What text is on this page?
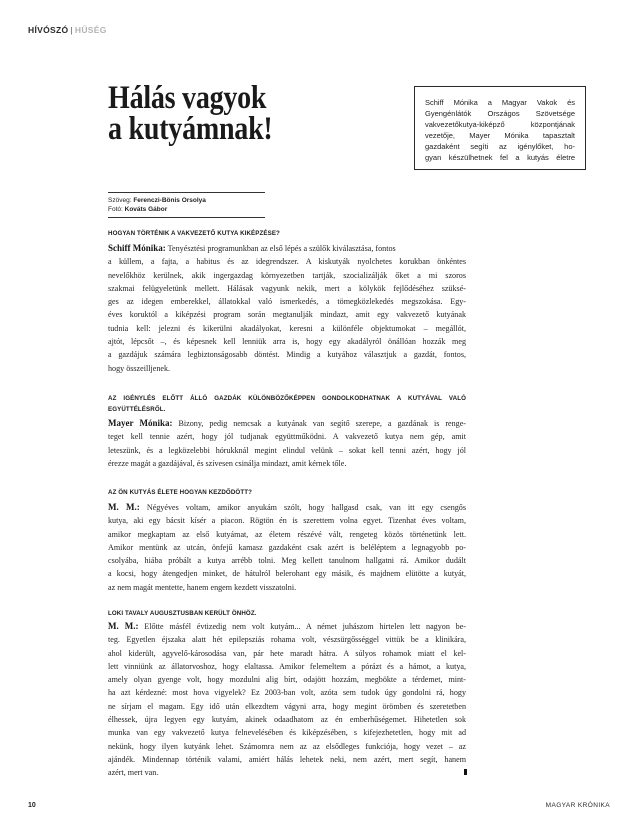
HÍVÓSZÓ | HŰSÉG
Hálás vagyok
a kutyámnak!
Schiff Mónika a Magyar Vakok és
Gyengénlátók Országos Szövetsége
vakvezetőkutya-kiképző központjának
vezetője, Mayer Mónika tapasztalt
gazdaként segíti az igénylőket, ho-
gyan készülhetnek fel a kutyás életre
Szöveg: Ferenczi-Bönis Orsolya
Fotó: Kováts Gábor
HOGYAN TÖRTÉNIK A VAKVEZETŐ KUTYA KIKÉPZÉSE?
Schiff Mónika: Tenyésztési programunkban az első lépés a szülők kiválasztása, fontos
a küllem, a fajta, a habitus és az idegrendszer. A kiskutyák nyolchetes korukban önkéntes
nevelőkhöz kerülnek, akik ingergazdag környezetben tartják, szocializálják őket a mi szoros
szakmai felügyeletünk mellett. Hálásak vagyunk nekik, mert a kölykök fejlődéséhez szüksé-
ges az idegen emberekkel, állatokkal való ismerkedés, a tömegközlekedés megszokása. Egy-
éves koruktól a kiképzési program során megtanulják mindazt, amit egy vakvezető kutyának
tudnia kell: jelezni és kikerülni akadályokat, keresni a különféle objektumokat – megállót,
ajtót, lépcsőt –, és képesnek kell lenniük arra is, hogy egy akadályról önállóan hozzák meg
a gazdájuk számára legbiztonságosabb döntést. Mindig a kutyához választjuk a gazdát, fontos,
hogy összeilljenek.
AZ IGÉNYLÉS ELŐTT ÁLLÓ GAZDÁK KÜLÖNBÖZŐKÉPPEN GONDOLKODHATNAK A KUTYÁVAL VALÓ
EGYÜTTÉLÉSRŐL.
Mayer Mónika: Bizony, pedig nemcsak a kutyának van segítő szerepe, a gazdának is renge-
teget kell tennie azért, hogy jól tudjanak együttműködni. A vakvezető kutya nem gép, amit
leteszünk, és a legközelebbi hórukknál megint elindul velünk – sokat kell tenni azért, hogy jól
érezze magát a gazdájával, és szívesen csinálja mindazt, amit kérnek tőle.
AZ ÖN KUTYÁS ÉLETE HOGYAN KEZDŐDÖTT?
M. M.: Négyéves voltam, amikor anyukám szólt, hogy hallgasd csak, van itt egy csengős
kutya, aki egy bácsit kísér a piacon. Rögtön én is szerettem volna egyet. Tizenhat éves voltam,
amikor megkaptam az első kutyámat, az életem részévé vált, rengeteg közös történetünk lett.
Amikor mentünk az utcán, önfejű kamasz gazdaként csak azért is beléléptem a legnagyobb po-
csolyába, hiába próbált a kutya arrébb tolni. Meg kellett tanulnom hallgatni rá. Amikor dudált
a kocsi, hogy átengedjen minket, de hátulról belerohant egy másik, és majdnem elütötte a kutyát,
az nem magát mentette, hanem engem kezdett visszatolni.
LOKI TAVALY AUGUSZTUSBAN KERÜLT ÖNHÖZ.
M. M.: Előtte másfél évtizedig nem volt kutyám... A német juhászom hirtelen lett nagyon be-
teg. Egyetlen éjszaka alatt hét epilepsziás rohama volt, vészsürgősséggel vittük be a klinikára,
ahol kiderült, agyvelő-károsodása van, pár hete maradt hátra. A súlyos rohamok miatt el kel-
lett vinniünk az állatorvoshoz, hogy elaltassa. Amikor felemeltem a pórázt és a hámot, a kutya,
amely olyan gyenge volt, hogy mozdulni alig bírt, odajött hozzám, megbökte a térdemet, mint-
ha azt kérdezné: most hova vigyelek? Ez 2003-ban volt, azóta sem tudok úgy gondolni rá, hogy
ne sírjam el magam. Egy idő után elkezdtem vágyni arra, hogy megint örömben és szeretetben
élhessek, újra legyen egy kutyám, akinek odaadhatom az én emberhűségemet. Hihetetlen sok
munka van egy vakvezető kutya felnevelésében és kiképzésében, s kifejezhetetlen, hogy mit ad
nekünk, hogy ilyen kutyánk lehet. Számomra nem az az elsődleges funkciója, hogy vezet – az
ajándék. Mindennap történik valami, amiért hálás lehetek neki, nem azért, mert segít, hanem
azért, mert van.
10	MAGYAR KRÓNIKA
